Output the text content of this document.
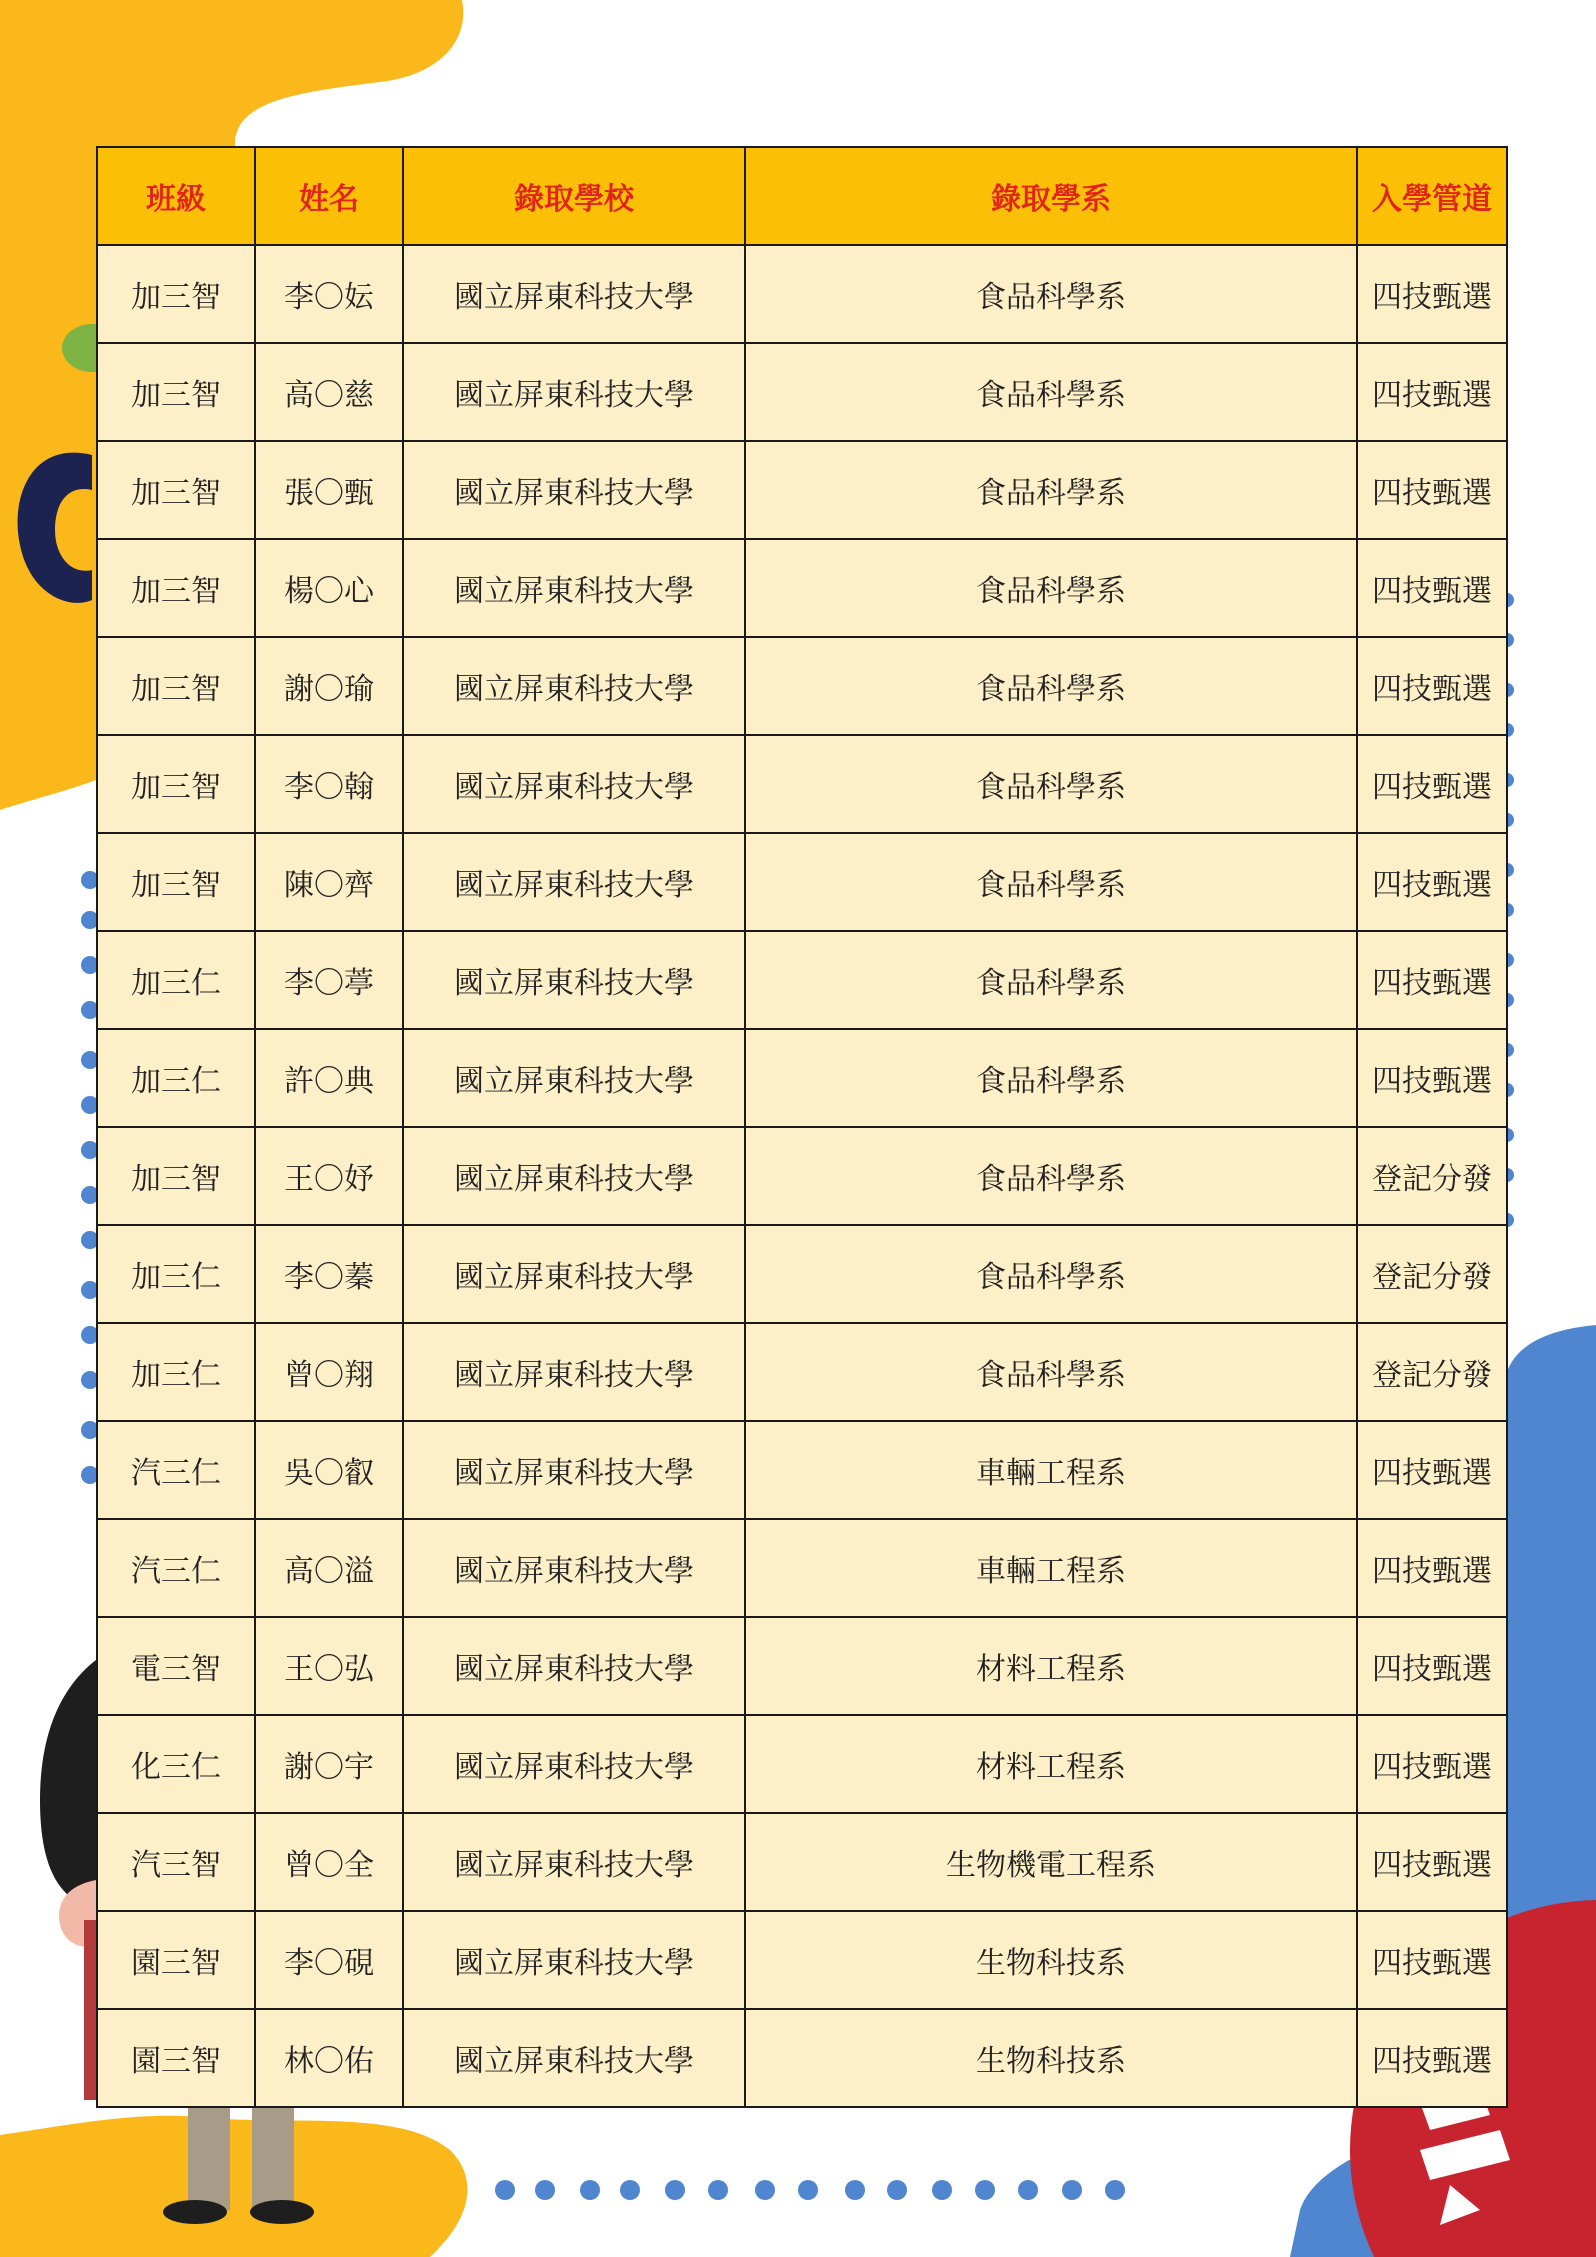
班級	姓名	錄取學校	錄取學系	入學管道
加三智	李〇妘	國立屏東科技大學	食品科學系	四技甄選
加三智	高〇慈	國立屏東科技大學	食品科學系	四技甄選
加三智	張〇甄	國立屏東科技大學	食品科學系	四技甄選
加三智	楊〇心	國立屏東科技大學	食品科學系	四技甄選
加三智	謝〇瑜	國立屏東科技大學	食品科學系	四技甄選
加三智	李〇翰	國立屏東科技大學	食品科學系	四技甄選
加三智	陳〇齊	國立屏東科技大學	食品科學系	四技甄選
加三仁	李〇葶	國立屏東科技大學	食品科學系	四技甄選
加三仁	許〇典	國立屏東科技大學	食品科學系	四技甄選
加三智	王〇妤	國立屏東科技大學	食品科學系	登記分發
加三仁	李〇蓁	國立屏東科技大學	食品科學系	登記分發
加三仁	曾〇翔	國立屏東科技大學	食品科學系	登記分發
汽三仁	吳〇叡	國立屏東科技大學	車輛工程系	四技甄選
汽三仁	高〇溢	國立屏東科技大學	車輛工程系	四技甄選
電三智	王〇弘	國立屏東科技大學	材料工程系	四技甄選
化三仁	謝〇宇	國立屏東科技大學	材料工程系	四技甄選
汽三智	曾〇全	國立屏東科技大學	生物機電工程系	四技甄選
園三智	李〇硯	國立屏東科技大學	生物科技系	四技甄選
園三智	林〇佑	國立屏東科技大學	生物科技系	四技甄選
